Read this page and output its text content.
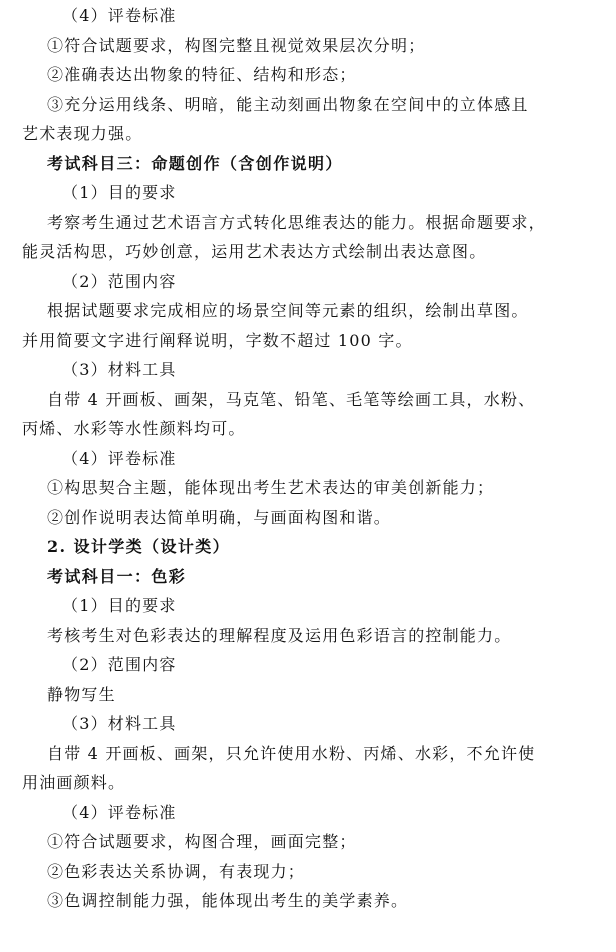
（4）评卷标准
①符合试题要求，构图完整且视觉效果层次分明；
②准确表达出物象的特征、结构和形态；
③充分运用线条、明暗，能主动刻画出物象在空间中的立体感且
艺术表现力强。
考试科目三：命题创作（含创作说明）
（1）目的要求
考察考生通过艺术语言方式转化思维表达的能力。根据命题要求，
能灵活构思，巧妙创意，运用艺术表达方式绘制出表达意图。
（2）范围内容
根据试题要求完成相应的场景空间等元素的组织，绘制出草图。
并用简要文字进行阐释说明，字数不超过 100 字。
（3）材料工具
自带 4 开画板、画架，马克笔、铅笔、毛笔等绘画工具，水粉、
丙烯、水彩等水性颜料均可。
（4）评卷标准
①构思契合主题，能体现出考生艺术表达的审美创新能力；
②创作说明表达简单明确，与画面构图和谐。
2. 设计学类（设计类）
考试科目一：色彩
（1）目的要求
考核考生对色彩表达的理解程度及运用色彩语言的控制能力。
（2）范围内容
静物写生
（3）材料工具
自带 4 开画板、画架，只允许使用水粉、丙烯、水彩，不允许使
用油画颜料。
（4）评卷标准
①符合试题要求，构图合理，画面完整；
②色彩表达关系协调，有表现力；
③色调控制能力强，能体现出考生的美学素养。
